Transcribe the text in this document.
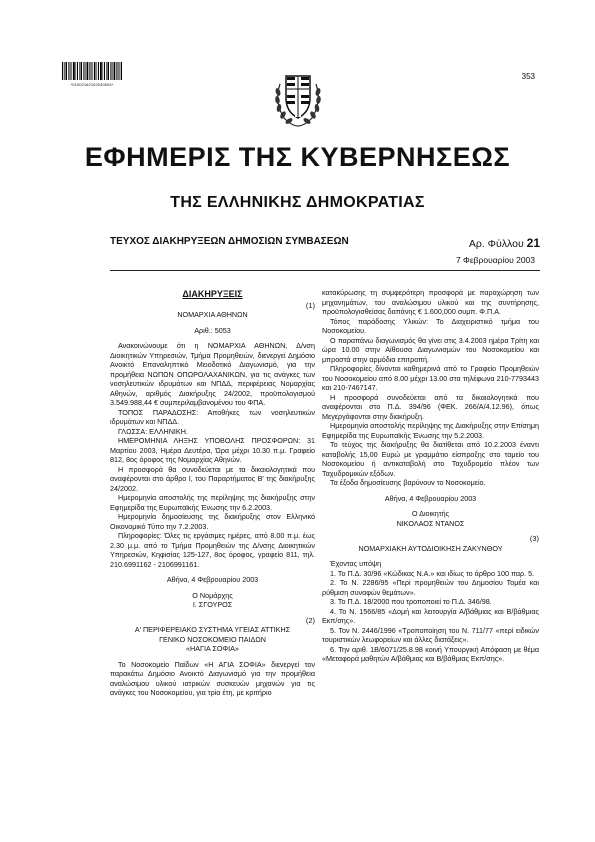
*01002162102030004*
353
ΕΦΗΜΕΡΙΣ ΤΗΣ ΚΥΒΕΡΝΗΣΕΩΣ
ΤΗΣ ΕΛΛΗΝΙΚΗΣ ΔΗΜΟΚΡΑΤΙΑΣ
ΤΕΥΧΟΣ ΔΙΑΚΗΡΥΞΕΩΝ ΔΗΜΟΣΙΩΝ ΣΥΜΒΑΣΕΩΝ	Αρ. Φύλλου 21
7 Φεβρουαρίου 2003
ΔΙΑΚΗΡΥΞΕΙΣ
(1)

ΝΟΜΑΡΧΙΑ ΑΘΗΝΩΝ

Αριθ.: 5053

Ανακοινώνουμε ότι η ΝΟΜΑΡΧΙΑ ΑΘΗΝΩΝ, Δ/νση Διοικητικών Υπηρεσιών, Τμήμα Προμηθειών, διενεργεί Δημόσιο Ανοικτό Επαναληπτικό Μειοδοτικό Διαγωνισμό, για την προμήθεια ΝΩΠΩΝ ΟΠΩΡΟΛΑΧΑΝΙΚΩΝ, για τις ανάγκες των νοσηλευτικών ιδρυμάτων και ΝΠΔΔ, περιφέρειας Νομαρχίας Αθηνών, αριθμός Διακήρυξης 24/2002, προϋπολογισμού 3.549.988,44 € συμπεριλαμβανομένου του ΦΠΑ.

ΤΟΠΟΣ ΠΑΡΑΔΟΣΗΣ: Αποθήκες των νοσηλευτικών ιδρυμάτων και ΝΠΔΔ.

ΓΛΩΣΣΑ: ΕΛΛΗΝΙΚΗ.

ΗΜΕΡΟΜΗΝΙΑ ΛΗΞΗΣ ΥΠΟΒΟΛΗΣ ΠΡΟΣΦΟΡΩΝ: 31 Μαρτίου 2003, Ημέρα Δευτέρα, Ώρα μέχρι 10.30 π.μ. Γραφείο 812, 8ος όροφος της Νομαρχίας Αθηνών.

Η προσφορά θα συνοδεύεται με τα δικαιολογητικά που αναφέρονται στο άρθρο Ι, του Παραρτήματος Β' της διακήρυξης 24/2002.

Ημερομηνία αποστολής της περίληψης της διακήρυξης στην Εφημερίδα της Ευρωπαϊκής Ένωσης την 6.2.2003.

Ημερομηνία δημοσίευσης της διακήρυξης στον Ελληνικό Οικονομικό Τύπο την 7.2.2003.

Πληροφορίες: Όλες τις εργάσιμες ημέρες, από 8.00 π.μ. έως 2.30 μ.μ. από το Τμήμα Προμηθειών της Δ/νσης Διοικητικών Υπηρεσιών, Κηφισίας 125-127, 8ος όροφος, γραφείο 811, τηλ. 210.6991162 - 2106991161.

Αθήνα, 4 Φεβρουαρίου 2003

Ο Νομάρχης

Ι. ΣΓΟΥΡΟΣ

(2)

Α' ΠΕΡΙΦΕΡΕΙΑΚΟ ΣΥΣΤΗΜΑ ΥΓΕΙΑΣ ΑΤΤΙΚΗΣ

ΓΕΝΙΚΟ ΝΟΣΟΚΟΜΕΙΟ ΠΑΙΔΩΝ

«ΗΑΓΙΑ ΣΟΦΙΑ»

Το Νοσοκομείο Παίδων «Η ΑΓΙΑ ΣΟΦΙΑ» διενεργεί τον παρακάτω Δημόσιο Ανοικτό Διαγωνισμό για την προμήθεια αναλώσιμου υλικού ιατρικών συσκευών μηχανών για τις ανάγκες του Νοσοκομείου, για τρία έτη, με κριτήριο

κατακύρωσης τη συμφερότερη προσφορά με παραχώρηση των μηχανημάτων, του αναλώσιμου υλικού και της συντήρησης, προϋπολογισθείσας δαπάνης € 1.600,000 συμπ. Φ.Π.Α.

Τόπος παράδοσης Υλικών: Το Διαχειριστικό τμήμα του Νοσοκομείου.

Ο παραπάνω διαγωνισμός θα γίνει στις 3.4.2003 ημέρα Τρίτη και ώρα 10.00 στην Αίθουσα Διαγωνισμών του Νοσοκομείου και μπροστά στην αρμόδια επιτροπή.

Πληροφορίες δίνονται καθημερινά από το Γραφείο Προμηθειών του Νοσοκομείου από 8.00 μέχρι 13.00 στα τηλέφωνα 210-7793443 και 210-7467147.

Η προσφορά συνοδεύεται από τα δικαιολογητικά που αναφέρονται στο Π.Δ. 394/96 (ΦΕΚ. 266/Α/4.12.96), όπως Μεγεργάφονται στην διακήρυξη.

Ημερομηνία αποστολής περίληψης της Διακήρυξης στην Επίσημη Εφημερίδα της Ευρωπαϊκής Ένωσης την 5.2.2003.

Το τεύχος της διακήρυξης θα διατίθεται από 10.2.2003 έναντι καταβολής 15,00 Ευρώ με γραμμάτιο είσπραξης στο ταμείο του Νοσοκομείου ή αντικαταβολή στο Ταχυδρομείο πλέον των Ταχυδρομικών εξόδων.

Τα έξοδα δημοσίευσης βαρύνουν το Νοσοκομείο.

Αθήνα, 4 Φεβρουαρίου 2003

Ο Διοικητής

ΝΙΚΟΛΑΟΣ ΝΤΑΝΟΣ

(3)

ΝΟΜΑΡΧΙΑΚΗ ΑΥΤΟΔΙΟΙΚΗΣΗ ΖΑΚΥΝΘΟΥ

Έχοντας υπόψη

1. Το Π.Δ. 30/96 «Κώδικας Ν.Α.» και ιδίως το άρθρο 100 παρ. 5.

2. Το Ν. 2286/95 «Περί προμηθειών του Δημοσίου Τομέα και ρύθμιση συναφών θεμάτων».

3. Το Π.Δ. 18/2000 που τροποποιεί το Π.Δ. 346/98.

4. Το Ν. 1566/85 «Δομή και λειτουργία Α/βάθμιας και Β/βάθμιας Εκπ/σης».

5. Τον Ν. 2446/1996 «Τροποποίηση του Ν. 711/77 «περί ειδικών τουριστικών λεωφορείων και άλλες διατάξεις».

6. Την αριθ. 1Β/6071/25.8.98 κοινή Υπουργική Απόφαση με θέμα «Μεταφορά μαθητών Α/βάθμιας και Β/βάθμιας Εκπ/σης».
